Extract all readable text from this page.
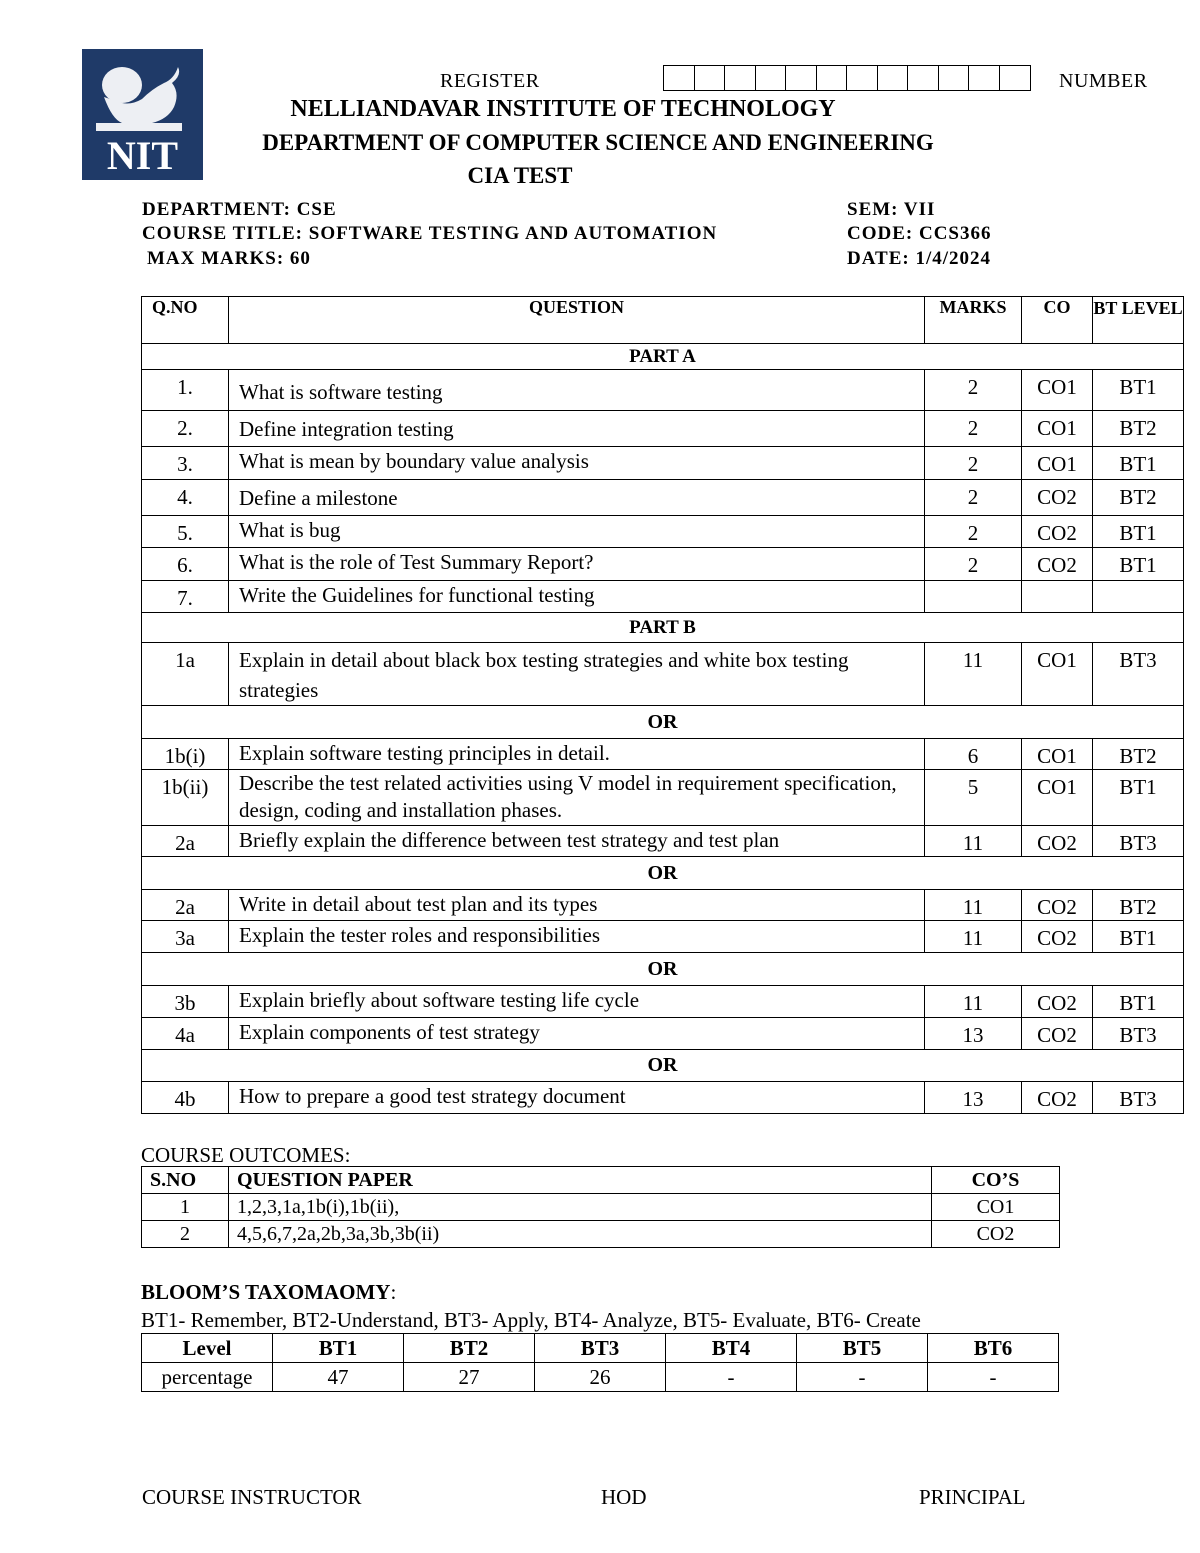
NIT
REGISTER	NUMBER
NELLIANDAVAR INSTITUTE OF TECHNOLOGY
DEPARTMENT OF COMPUTER SCIENCE AND ENGINEERING
CIA TEST
DEPARTMENT: CSE
COURSE TITLE: SOFTWARE TESTING AND AUTOMATION
MAX MARKS: 60
SEM: VII
CODE: CCS366
DATE: 1/4/2024
Q.NO	QUESTION	MARKS	CO	BT LEVEL
PART A				
1.	What is software testing	2	CO1	BT1
2.	Define integration testing	2	CO1	BT2
3.	What is mean by boundary value analysis	2	CO1	BT1
4.	Define a milestone	2	CO2	BT2
5.	What is bug	2	CO2	BT1
6.	What is the role of Test Summary Report?	2	CO2	BT1
7.	Write the Guidelines for functional testing			
PART B				
1a	Explain in detail about black box testing strategies and white box testing strategies	11	CO1	BT3
OR				
1b(i)	Explain software testing principles in detail.	6	CO1	BT2
1b(ii)	Describe the test related activities using V model in requirement specification, design, coding and installation phases.	5	CO1	BT1
2a	Briefly explain the difference between test strategy and test plan	11	CO2	BT3
OR				
2a	Write in detail about test plan and its types	11	CO2	BT2
3a	Explain the tester roles and responsibilities	11	CO2	BT1
OR				
3b	Explain briefly about software testing life cycle	11	CO2	BT1
4a	Explain components of test strategy	13	CO2	BT3
OR				
4b	How to prepare a good test strategy document	13	CO2	BT3
COURSE OUTCOMES:
S.NO	QUESTION PAPER	CO’S
1	1,2,3,1a,1b(i),1b(ii),	CO1
2	4,5,6,7,2a,2b,3a,3b,3b(ii)	CO2
BLOOM’S TAXOMAOMY:
BT1- Remember, BT2-Understand, BT3- Apply, BT4- Analyze, BT5- Evaluate, BT6- Create
Level	BT1	BT2	BT3	BT4	BT5	BT6
percentage	47	27	26	-	-	-
COURSE INSTRUCTOR	HOD	PRINCIPAL
